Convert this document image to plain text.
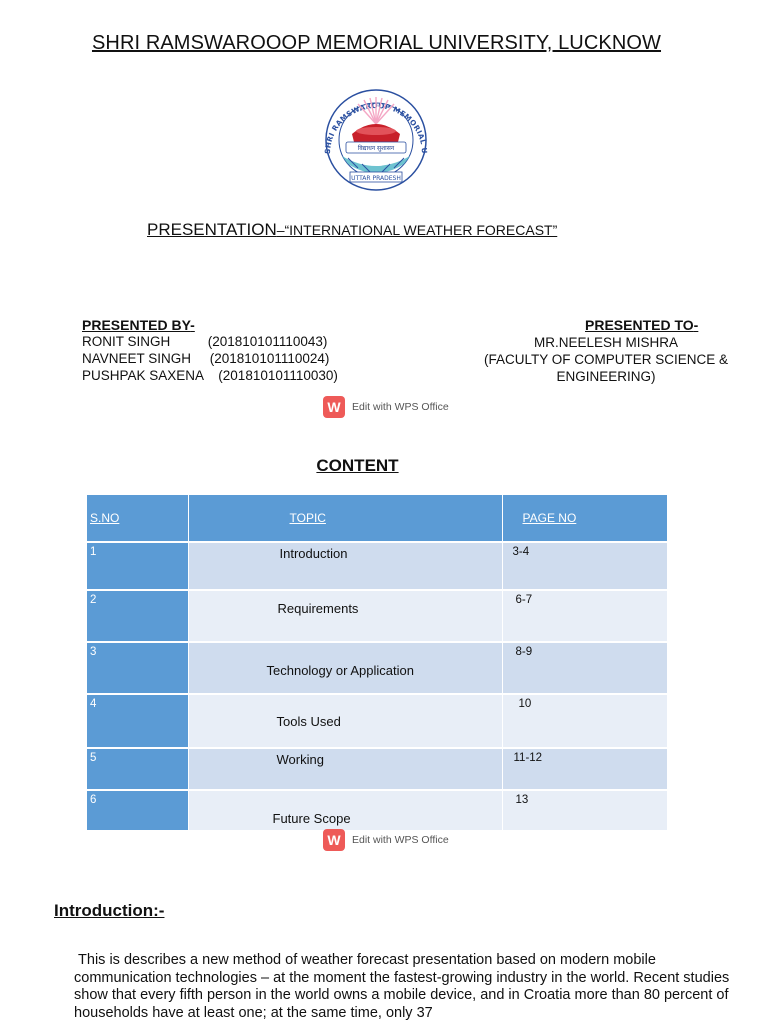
SHRI RAMSWAROOOP MEMORIAL UNIVERSITY, LUCKNOW
SHRI RAMSWAROOP MEMORIAL U
विद्याधन सुशासन
UTTAR PRADESH
PRESENTATION–“INTERNATIONAL WEATHER FORECAST”
PRESENTED BY-
RONIT SINGH          (201810101110043)
NAVNEET SINGH     (201810101110024)
PUSHPAK SAXENA    (201810101110030)
PRESENTED TO-
MR.NEELESH MISHRA
(FACULTY OF COMPUTER SCIENCE &
ENGINEERING)
W	Edit with WPS Office
CONTENT
S.NO	TOPIC	PAGE NO

1	Introduction	3-4

2	Requirements	6-7

3	Technology or Application	8-9

4	Tools Used	10

5	Working	11-12

6	Future Scope	13
W	Edit with WPS Office
Introduction:-
This is describes a new method of weather forecast presentation based on modern mobile communication technologies – at the moment the fastest-growing industry in the world. Recent studies show that every fifth person in the world owns a mobile device, and in Croatia more than 80 percent of households have at least one; at the same time, only 37
